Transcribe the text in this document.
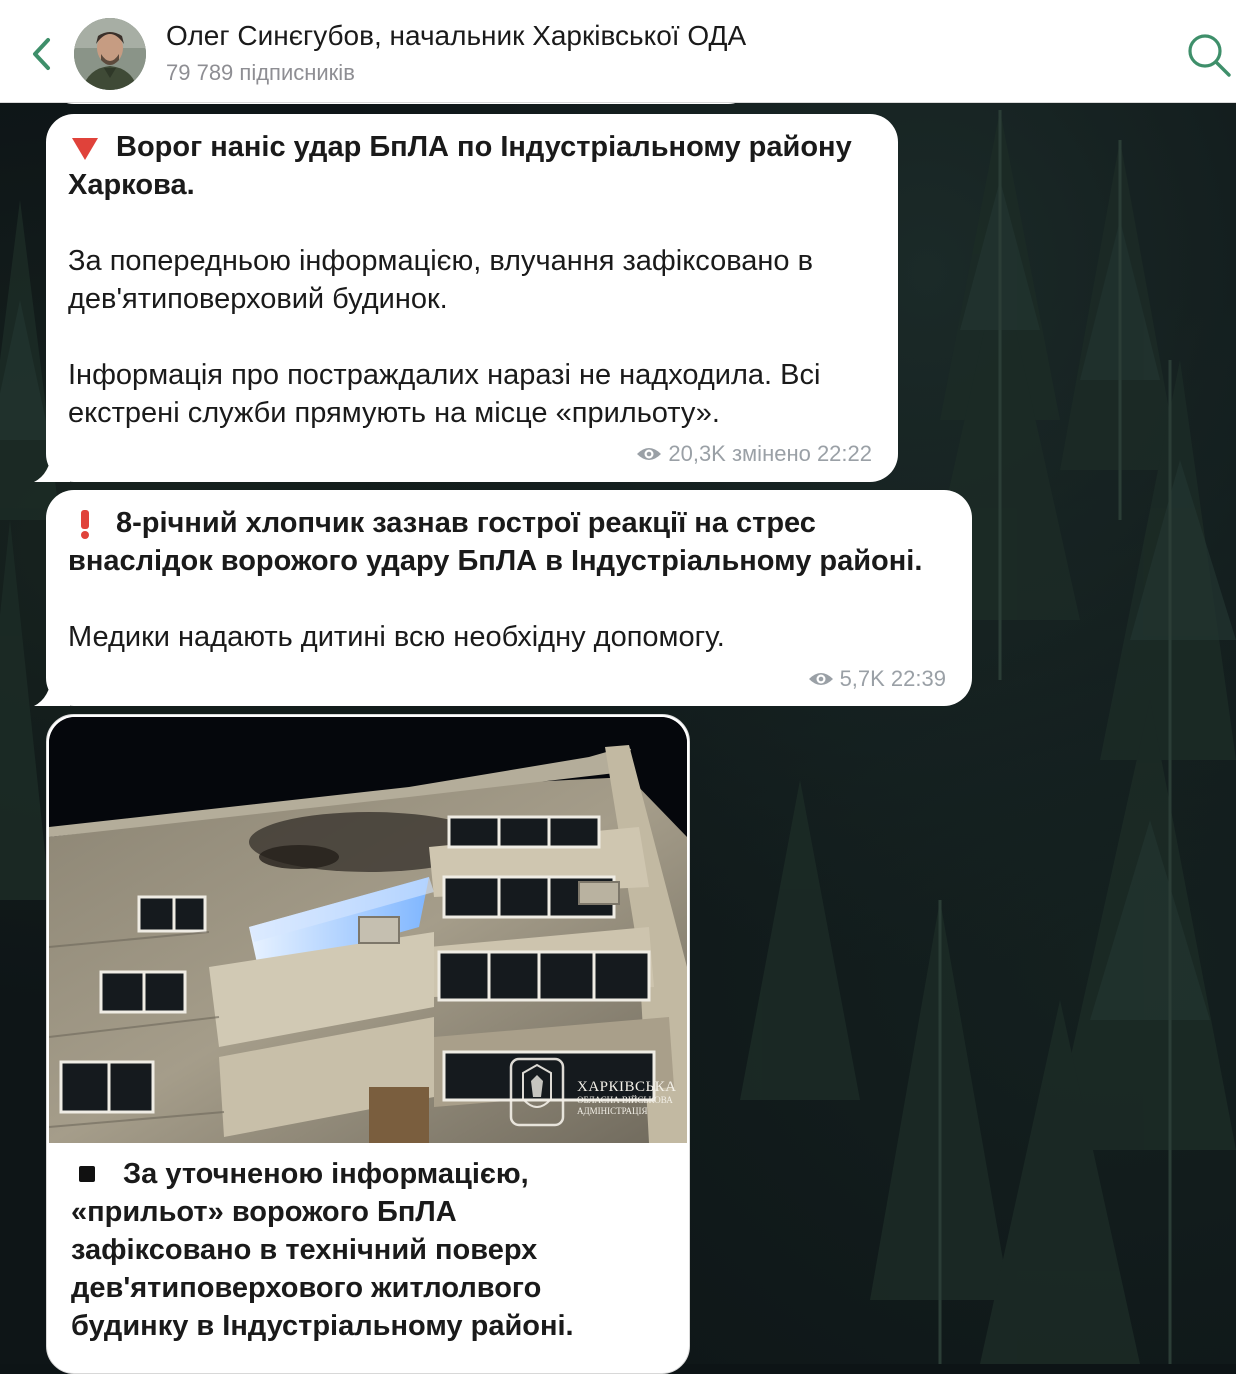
Олег Синєгубов, начальник Харківської ОДА
79 789 підписників
Ворог наніс удар БпЛА по Індустріальному району
Харкова.
За попередньою інформацією, влучання зафіксовано в
дев'ятиповерховий будинок.
Інформація про постраждалих наразі не надходила. Всі
екстрені служби прямують на місце «прильоту».
20,3K змінено 22:22
8-річний хлопчик зазнав гострої реакції на стрес
внаслідок ворожого удару БпЛА в Індустріальному районі.
Медики надають дитині всю необхідну допомогу.
5,7K 22:39
ХАРКІВСЬКА
ОБЛАСНА ВІЙСЬКОВА
АДМІНІСТРАЦІЯ
За уточненою інформацією,
«прильот» ворожого БпЛА
зафіксовано в технічний поверх
дев'ятиповерхового житлолвого
будинку в Індустріальному районі.
